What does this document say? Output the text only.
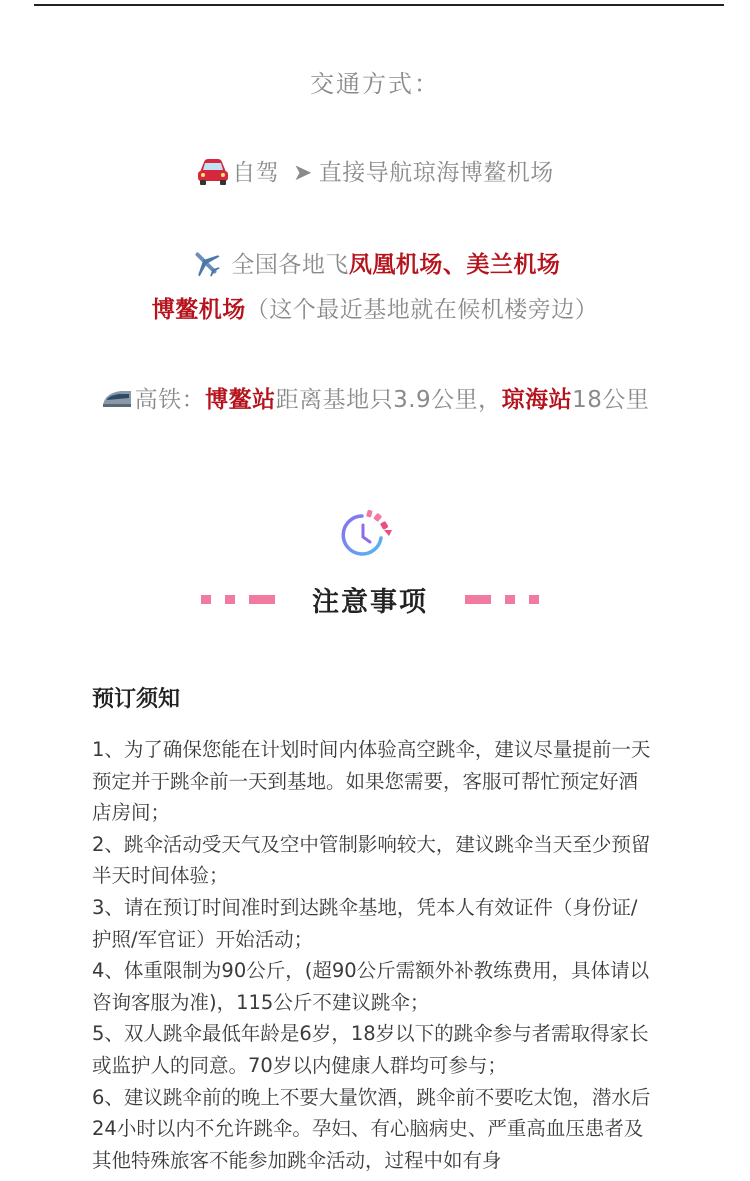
交通方式：
自驾 ➤ 直接导航琼海博鳌机场
全国各地飞凤凰机场、美兰机场
博鳌机场（这个最近基地就在候机楼旁边）
高铁：博鳌站距离基地只3.9公里，琼海站18公里
注意事项
预订须知

1、为了确保您能在计划时间内体验高空跳伞，建议尽量提前一天预定并于跳伞前一天到基地。如果您需要，客服可帮忙预定好酒店房间；

2、跳伞活动受天气及空中管制影响较大，建议跳伞当天至少预留半天时间体验；

3、请在预订时间准时到达跳伞基地，凭本人有效证件（身份证/护照/军官证）开始活动；

4、体重限制为90公斤，(超90公斤需额外补教练费用，具体请以咨询客服为准)，115公斤不建议跳伞；

5、双人跳伞最低年龄是6岁，18岁以下的跳伞参与者需取得家长或监护人的同意。70岁以内健康人群均可参与；

6、建议跳伞前的晚上不要大量饮酒，跳伞前不要吃太饱，潜水后24小时以内不允许跳伞。孕妇、有心脑病史、严重高血压患者及其他特殊旅客不能参加跳伞活动，过程中如有身
